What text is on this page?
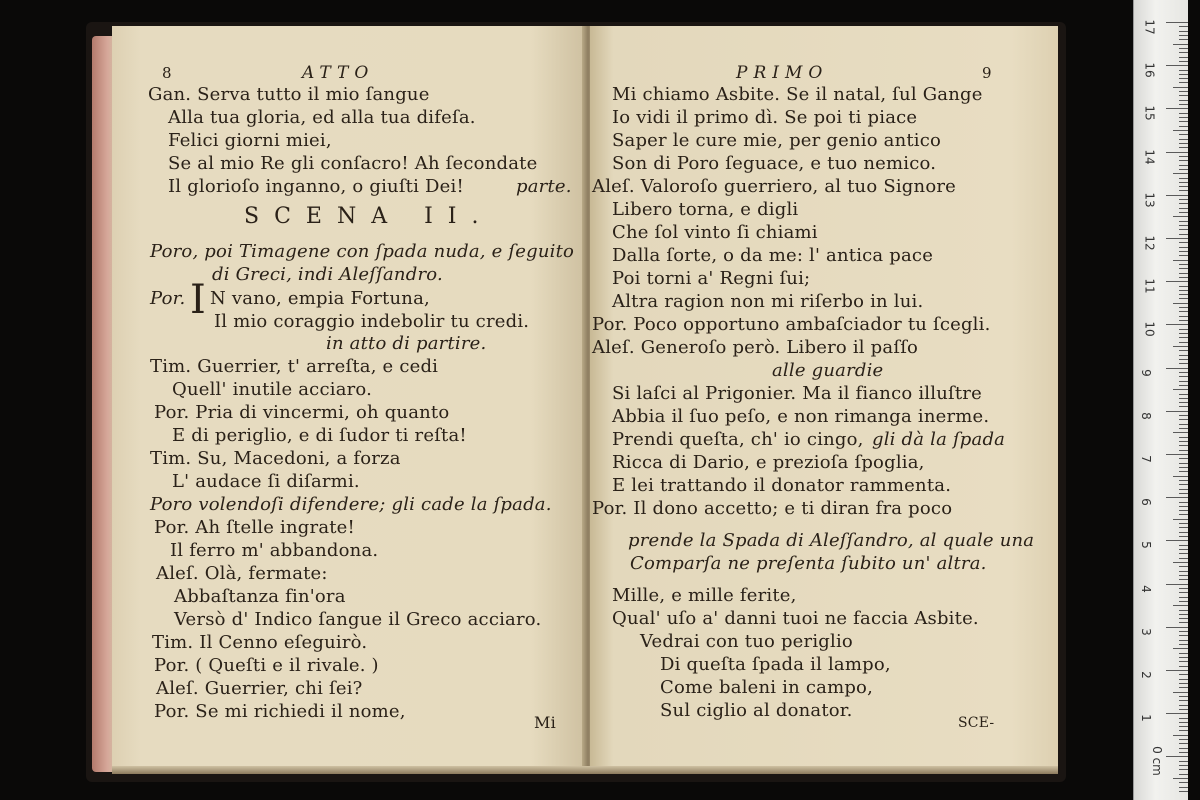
8	ATTO
Gan. Serva tutto il mio ſangue
Alla tua gloria, ed alla tua difeſa.
Felici giorni miei,
Se al mio Re gli conſacro! Ah ſecondate
Il glorioſo inganno, o giuſti Dei!	parte.
SCENA II.
Poro, poi Timagene con ſpada nuda, e ſeguito
di Greci, indi Aleſſandro.
Por. I N vano, empia Fortuna,
Il mio coraggio indebolir tu credi.
in atto di partire.
Tim. Guerrier, t' arreſta, e cedi
Quell' inutile acciaro.
Por. Pria di vincermi, oh quanto
E di periglio, e di ſudor ti reſta!
Tim. Su, Macedoni, a forza
L' audace ſi diſarmi.
Poro volendoſi difendere; gli cade la ſpada.
Por. Ah ſtelle ingrate!
Il ferro m' abbandona.
Aleſ. Olà, fermate:
Abbaſtanza fin'ora
Versò d' Indico ſangue il Greco acciaro.
Tim. Il Cenno eſeguirò.
Por. ( Queſti e il rivale. )
Aleſ. Guerrier, chi ſei?
Por. Se mi richiedi il nome,
Mi
PRIMO	9
Mi chiamo Asbite. Se il natal, ſul Gange
Io vidi il primo dì. Se poi ti piace
Saper le cure mie, per genio antico
Son di Poro ſeguace, e tuo nemico.
Aleſ. Valoroſo guerriero, al tuo Signore
Libero torna, e digli
Che ſol vinto ſi chiami
Dalla ſorte, o da me: l' antica pace
Poi torni a' Regni ſui;
Altra ragion non mi riſerbo in lui.
Por. Poco opportuno ambaſciador tu ſcegli.
Aleſ. Generoſo però. Libero il paſſo
alle guardie
Si laſci al Prigonier. Ma il fianco illuſtre
Abbia il ſuo peſo, e non rimanga inerme.
Prendi queſta, ch' io cingo, gli dà la ſpada
Ricca di Dario, e prezioſa ſpoglia,
E lei trattando il donator rammenta.
Por. Il dono accetto; e ti diran fra poco
prende la Spada di Aleſſandro, al quale una
Comparſa ne preſenta ſubito un' altra.
Mille, e mille ferite,
Qual' uſo a' danni tuoi ne faccia Asbite.
Vedrai con tuo periglio
Di queſta ſpada il lampo,
Come baleni in campo,
Sul ciglio al donator.
SCE-
17
16
15
14
13
12
11
10
9
8
7
6
5
4
3
2
1
0 cm
